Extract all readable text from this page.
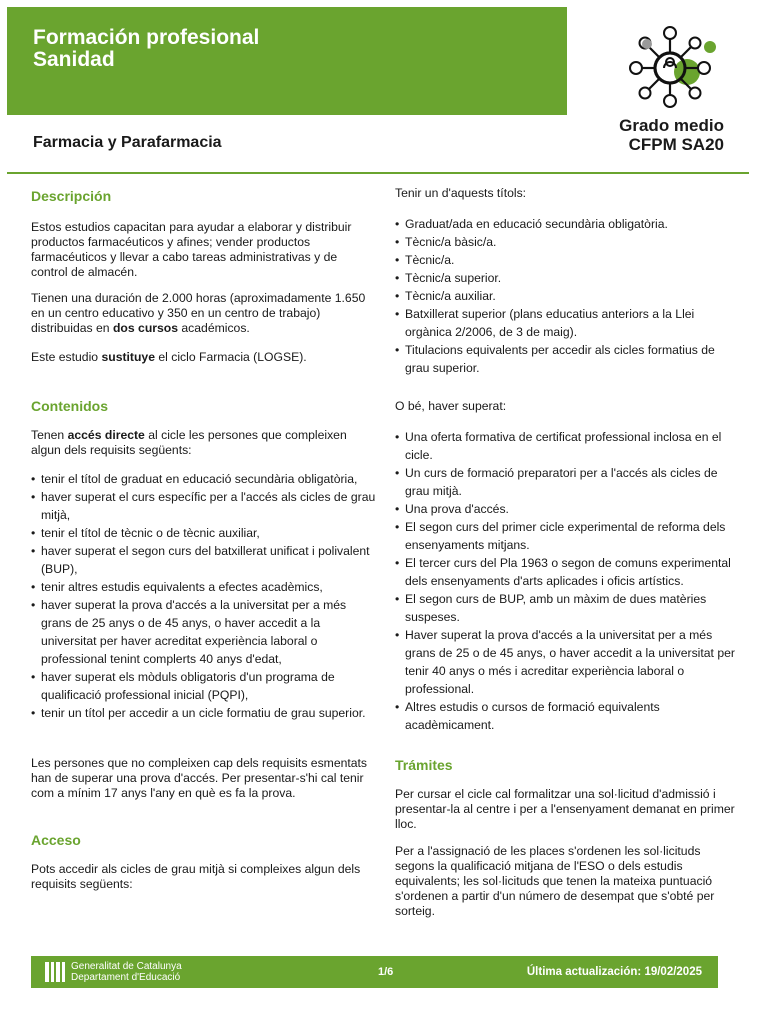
Formación profesional
Sanidad
Grado medio
CFPM SA20
Farmacia y Parafarmacia
Descripción

Estos estudios capacitan para ayudar a elaborar y distribuir productos farmacéuticos y afines; vender productos farmacéuticos y llevar a cabo tareas administrativas y de control de almacén.

Tienen una duración de 2.000 horas (aproximadamente 1.650 en un centro educativo y 350 en un centro de trabajo) distribuidas en dos cursos académicos.

Este estudio sustituye el ciclo Farmacia (LOGSE).

Contenidos

Tenen accés directe al cicle les persones que compleixen algun dels requisits següents:

• tenir el títol de graduat en educació secundària obligatòria,
• haver superat el curs específic per a l'accés als cicles de grau mitjà,
• tenir el títol de tècnic o de tècnic auxiliar,
• haver superat el segon curs del batxillerat unificat i polivalent (BUP),
• tenir altres estudis equivalents a efectes acadèmics,
• haver superat la prova d'accés a la universitat per a més grans de 25 anys o de 45 anys, o haver accedit a la universitat per haver acreditat experiència laboral o professional tenint complerts 40 anys d'edat,
• haver superat els mòduls obligatoris d'un programa de qualificació professional inicial (PQPI),
• tenir un títol per accedir a un cicle formatiu de grau superior.

Les persones que no compleixen cap dels requisits esmentats han de superar una prova d'accés. Per presentar-s'hi cal tenir com a mínim 17 anys l'any en què es fa la prova.

Acceso

Pots accedir als cicles de grau mitjà si compleixes algun dels requisits següents:

Tenir un d'aquests títols:

• Graduat/ada en educació secundària obligatòria.
• Tècnic/a bàsic/a.
• Tècnic/a.
• Tècnic/a superior.
• Tècnic/a auxiliar.
• Batxillerat superior (plans educatius anteriors a la Llei orgànica 2/2006, de 3 de maig).
• Titulacions equivalents per accedir als cicles formatius de grau superior.

O bé, haver superat:

• Una oferta formativa de certificat professional inclosa en el cicle.
• Un curs de formació preparatori per a l'accés als cicles de grau mitjà.
• Una prova d'accés.
• El segon curs del primer cicle experimental de reforma dels ensenyaments mitjans.
• El tercer curs del Pla 1963 o segon de comuns experimental dels ensenyaments d'arts aplicades i oficis artístics.
• El segon curs de BUP, amb un màxim de dues matèries suspeses.
• Haver superat la prova d'accés a la universitat per a més grans de 25 o de 45 anys, o haver accedit a la universitat per tenir 40 anys o més i acreditar experiència laboral o professional.
• Altres estudis o cursos de formació equivalents acadèmicament.
Trámites

Per cursar el cicle cal formalitzar una sol·licitud d'admissió i presentar-la al centre i per a l'ensenyament demanat en primer lloc.

Per a l'assignació de les places s'ordenen les sol·licituds segons la qualificació mitjana de l'ESO o dels estudis equivalents; les sol·licituds que tenen la mateixa puntuació s'ordenen a partir d'un número de desempat que s'obté per sorteig.

Generalitat de Catalunya
Departament d'Educació	1/6	Última actualización: 19/02/2025
